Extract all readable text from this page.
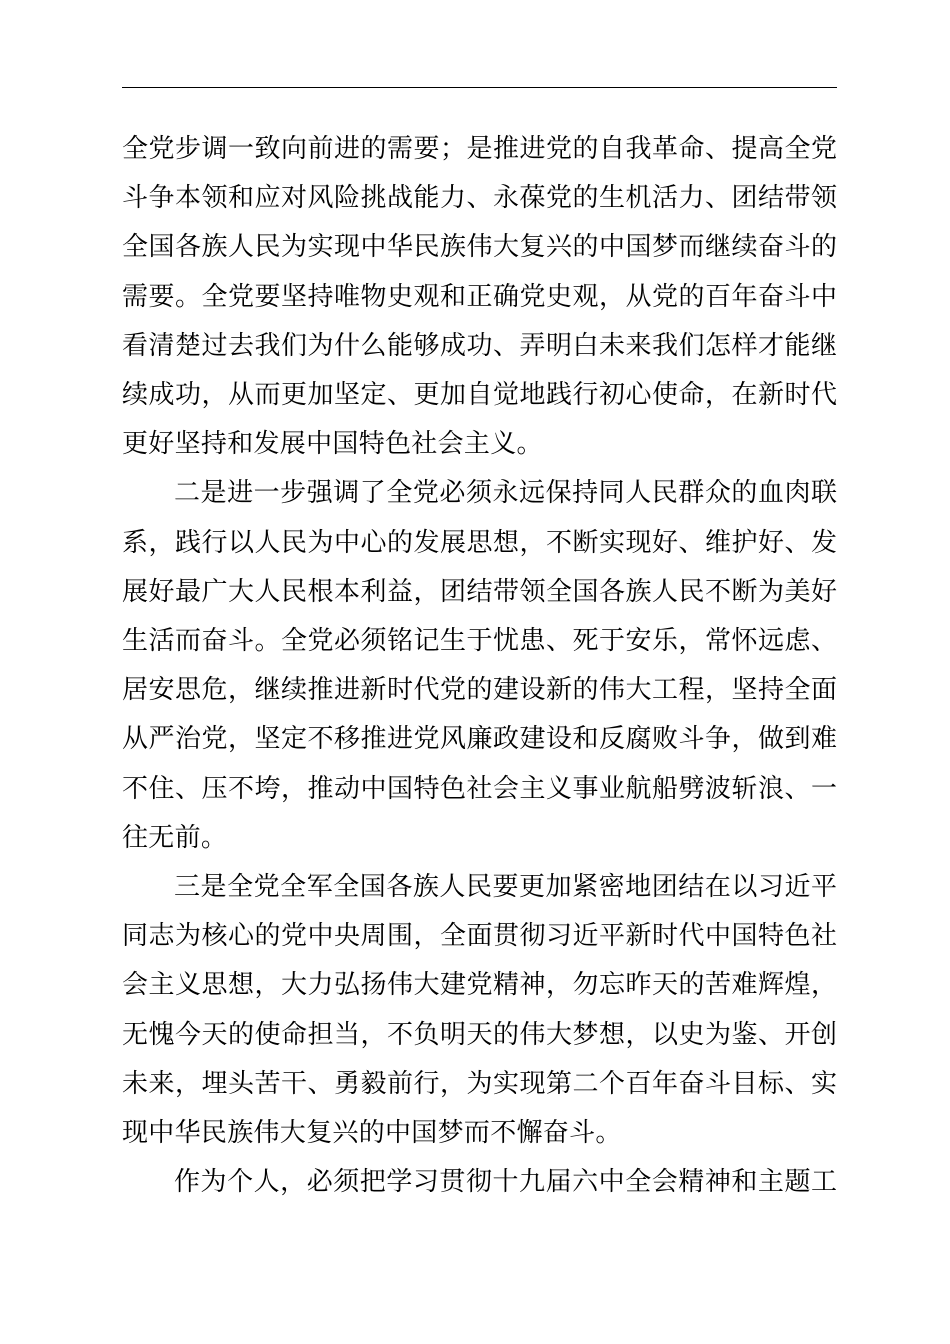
全党步调一致向前进的需要；是推进党的自我革命、提高全党
斗争本领和应对风险挑战能力、永葆党的生机活力、团结带领
全国各族人民为实现中华民族伟大复兴的中国梦而继续奋斗的
需要。全党要坚持唯物史观和正确党史观，从党的百年奋斗中
看清楚过去我们为什么能够成功、弄明白未来我们怎样才能继
续成功，从而更加坚定、更加自觉地践行初心使命，在新时代
更好坚持和发展中国特色社会主义。
二是进一步强调了全党必须永远保持同人民群众的血肉联
系，践行以人民为中心的发展思想，不断实现好、维护好、发
展好最广大人民根本利益，团结带领全国各族人民不断为美好
生活而奋斗。全党必须铭记生于忧患、死于安乐，常怀远虑、
居安思危，继续推进新时代党的建设新的伟大工程，坚持全面
从严治党，坚定不移推进党风廉政建设和反腐败斗争，做到难
不住、压不垮，推动中国特色社会主义事业航船劈波斩浪、一
往无前。
三是全党全军全国各族人民要更加紧密地团结在以习近平
同志为核心的党中央周围，全面贯彻习近平新时代中国特色社
会主义思想，大力弘扬伟大建党精神，勿忘昨天的苦难辉煌，
无愧今天的使命担当，不负明天的伟大梦想，以史为鉴、开创
未来，埋头苦干、勇毅前行，为实现第二个百年奋斗目标、实
现中华民族伟大复兴的中国梦而不懈奋斗。
作为个人，必须把学习贯彻十九届六中全会精神和主题工
